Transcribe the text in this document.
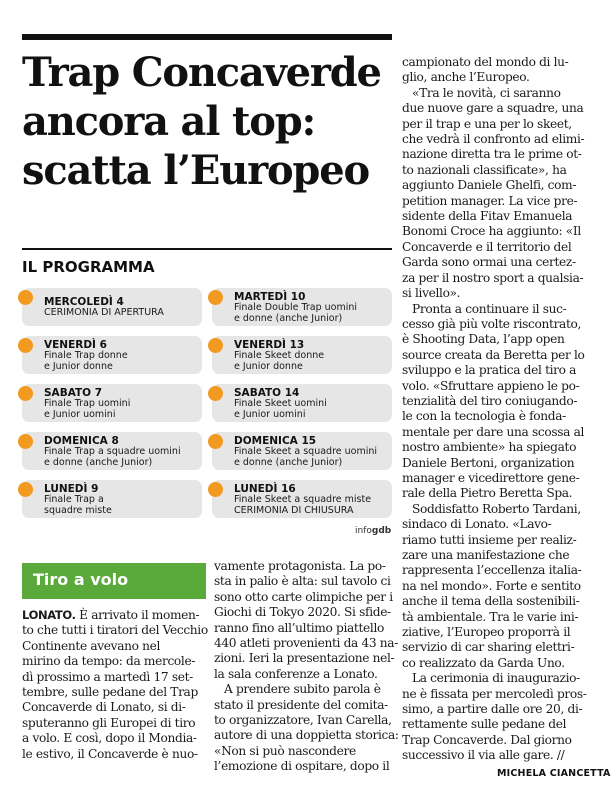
Trap Concaverde
ancora al top:
scatta l’Europeo
IL PROGRAMMA
MERCOLEDÌ 4
CERIMONIA DI APERTURA
VENERDÌ 6
Finale Trap donne
e Junior donne
SABATO 7
Finale Trap uomini
e Junior uomini
DOMENICA 8
Finale Trap a squadre uomini
e donne (anche Junior)
LUNEDÌ 9
Finale Trap a
squadre miste
MARTEDÌ 10
Finale Double Trap uomini
e donne (anche Junior)
VENERDÌ 13
Finale Skeet donne
e Junior donne
SABATO 14
Finale Skeet uomini
e Junior uomini
DOMENICA 15
Finale Skeet a squadre uomini
e donne (anche Junior)
LUNEDÌ 16
Finale Skeet a squadre miste
CERIMONIA DI CHIUSURA
infogdb
Tiro a volo
LONATO. È arrivato il momen-
to che tutti i tiratori del Vecchio
Continente avevano nel
mirino da tempo: da mercole-
dì prossimo a martedì 17 set-
tembre, sulle pedane del Trap
Concaverde di Lonato, si di-
sputeranno gli Europei di tiro
a volo. E così, dopo il Mondia-
le estivo, il Concaverde è nuo-
vamente protagonista. La po-
sta in palio è alta: sul tavolo ci
sono otto carte olimpiche per i
Giochi di Tokyo 2020. Si sfide-
ranno fino all’ultimo piattello
440 atleti provenienti da 43 na-
zioni. Ieri la presentazione nel-
la sala conferenze a Lonato.
A prendere subito parola è
stato il presidente del comita-
to organizzatore, Ivan Carella,
autore di una doppietta storica:
«Non si può nascondere
l’emozione di ospitare, dopo il
campionato del mondo di lu-
glio, anche l’Europeo.
«Tra le novità, ci saranno
due nuove gare a squadre, una
per il trap e una per lo skeet,
che vedrà il confronto ad elimi-
nazione diretta tra le prime ot-
to nazionali classificate», ha
aggiunto Daniele Ghelfi, com-
petition manager. La vice pre-
sidente della Fitav Emanuela
Bonomi Croce ha aggiunto: «Il
Concaverde e il territorio del
Garda sono ormai una certez-
za per il nostro sport a qualsia-
si livello».
Pronta a continuare il suc-
cesso già più volte riscontrato,
è Shooting Data, l’app open
source creata da Beretta per lo
sviluppo e la pratica del tiro a
volo. «Sfruttare appieno le po-
tenzialità del tiro coniugando-
le con la tecnologia è fonda-
mentale per dare una scossa al
nostro ambiente» ha spiegato
Daniele Bertoni, organization
manager e vicedirettore gene-
rale della Pietro Beretta Spa.
Soddisfatto Roberto Tardani,
sindaco di Lonato. «Lavo-
riamo tutti insieme per realiz-
zare una manifestazione che
rappresenta l’eccellenza italia-
na nel mondo». Forte e sentito
anche il tema della sostenibili-
tà ambientale. Tra le varie ini-
ziative, l’Europeo proporrà il
servizio di car sharing elettri-
co realizzato da Garda Uno.
La cerimonia di inaugurazio-
ne è fissata per mercoledì pros-
simo, a partire dalle ore 20, di-
rettamente sulle pedane del
Trap Concaverde. Dal giorno
successivo il via alle gare. //
MICHELA CIANCETTA
